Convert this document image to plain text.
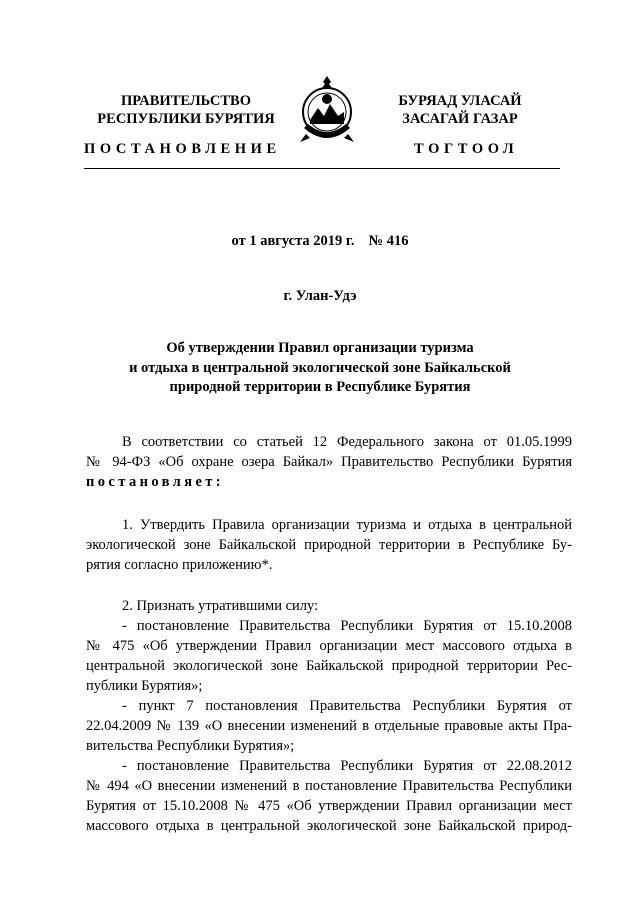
ПРАВИТЕЛЬСТВО
РЕСПУБЛИКИ БУРЯТИЯ
БУРЯАД УЛАСАЙ
ЗАСАГАЙ ГАЗАР
ПОСТАНОВЛЕНИЕ	ТОГТООЛ
от 1 августа 2019 г. № 416
г. Улан-Удэ
Об утверждении Правил организации туризма
и отдыха в центральной экологической зоне Байкальской
природной территории в Республике Бурятия
В соответствии со статьей 12 Федерального закона от 01.05.1999
№ 94-ФЗ «Об охране озера Байкал» Правительство Республики Бурятия
постановляет:
1. Утвердить Правила организации туризма и отдыха в центральной
экологической зоне Байкальской природной территории в Республике Бу-
рятия согласно приложению*.
2. Признать утратившими силу:
- постановление Правительства Республики Бурятия от 15.10.2008
№ 475 «Об утверждении Правил организации мест массового отдыха в
центральной экологической зоне Байкальской природной территории Рес-
публики Бурятия»;
- пункт 7 постановления Правительства Республики Бурятия от
22.04.2009 № 139 «О внесении изменений в отдельные правовые акты Пра-
вительства Республики Бурятия»;
- постановление Правительства Республики Бурятия от 22.08.2012
№ 494 «О внесении изменений в постановление Правительства Республики
Бурятия от 15.10.2008 № 475 «Об утверждении Правил организации мест
массового отдыха в центральной экологической зоне Байкальской природ-
